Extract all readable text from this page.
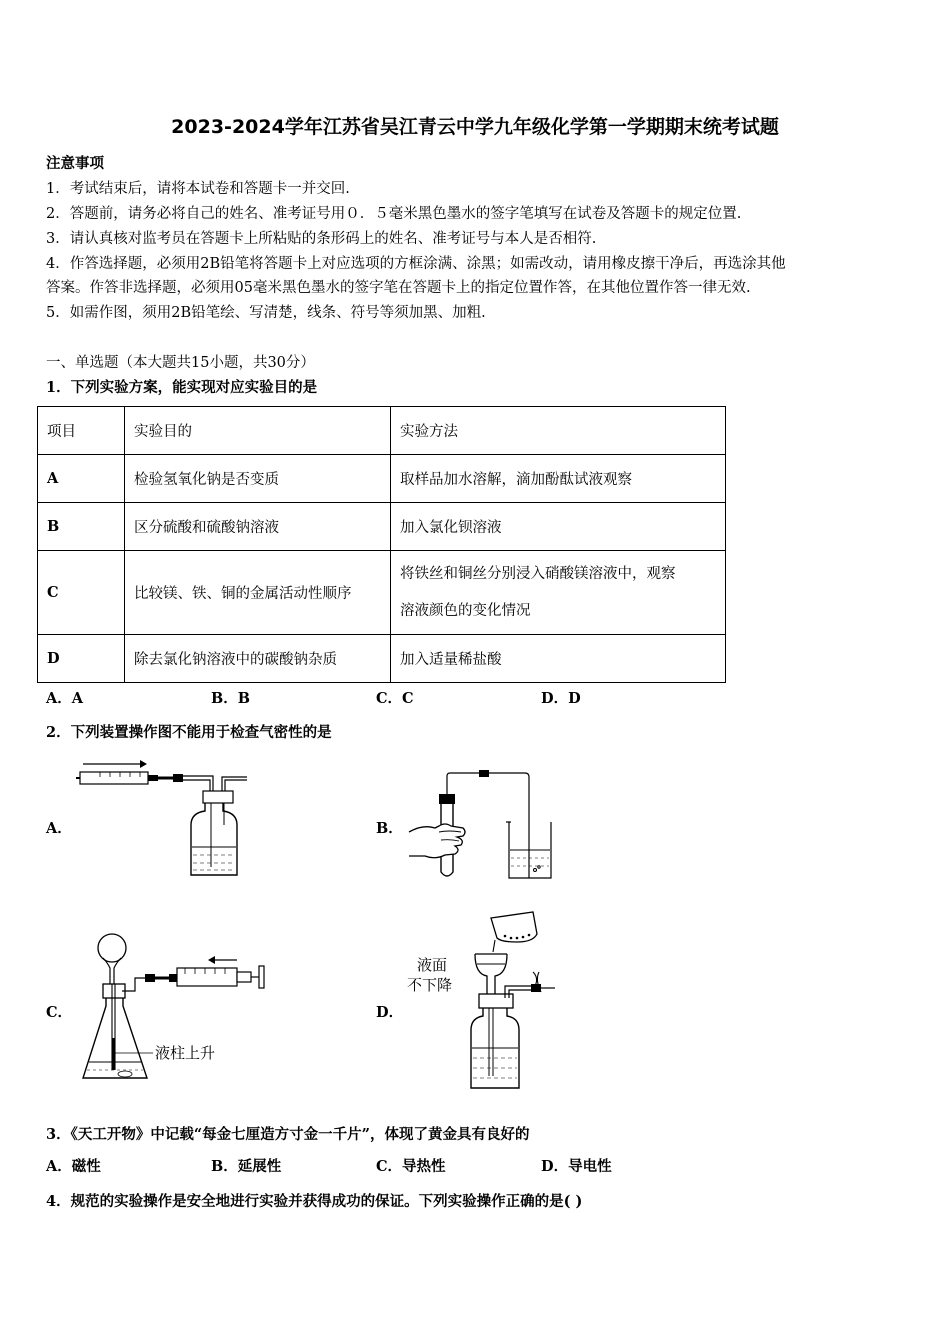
2023-2024学年江苏省吴江青云中学九年级化学第一学期期末统考试题
注意事项
1．考试结束后，请将本试卷和答题卡一并交回.
2．答题前，请务必将自己的姓名、准考证号用０．５毫米黑色墨水的签字笔填写在试卷及答题卡的规定位置.
3．请认真核对监考员在答题卡上所粘贴的条形码上的姓名、准考证号与本人是否相符.
4．作答选择题，必须用2B铅笔将答题卡上对应选项的方框涂满、涂黑；如需改动，请用橡皮擦干净后，再选涂其他
答案。作答非选择题，必须用05毫米黑色墨水的签字笔在答题卡上的指定位置作答，在其他位置作答一律无效.
5．如需作图，须用2B铅笔绘、写清楚，线条、符号等须加黑、加粗.
一、单选题（本大题共15小题，共30分）
1．下列实验方案，能实现对应实验目的是
项目	实验目的	实验方法
A	检验氢氧化钠是否变质	取样品加水溶解，滴加酚酞试液观察
B	区分硫酸和硫酸钠溶液	加入氯化钡溶液
C	比较镁、铁、铜的金属活动性顺序	将铁丝和铜丝分别浸入硝酸镁溶液中，观察
溶液颜色的变化情况

D	除去氯化钠溶液中的碳酸钠杂质	加入适量稀盐酸
A．A	B．B	C．C	D．D
2．下列装置操作图不能用于检查气密性的是
A．	B．
C．
液柱上升
D．
液面
不下降
3．《天工开物》中记载“每金七厘造方寸金一千片”，体现了黄金具有良好的
A．磁性	B．延展性	C．导热性	D．导电性
4．规范的实验操作是安全地进行实验并获得成功的保证。下列实验操作正确的是( )
